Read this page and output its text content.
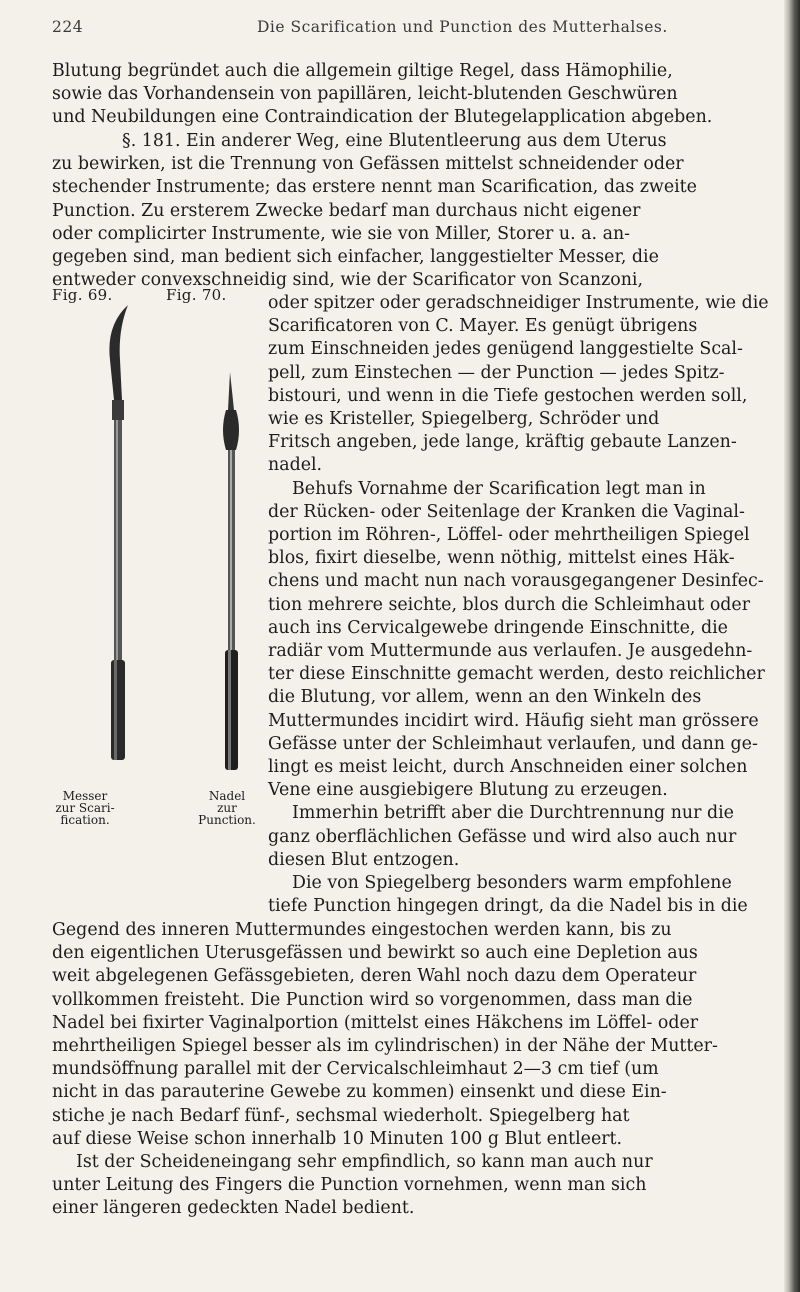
224	Die Scarification und Punction des Mutterhalses.
Blutung begründet auch die allgemein giltige Regel, dass Hämophilie,
sowie das Vorhandensein von papillären, leicht-blutenden Geschwüren
und Neubildungen eine Contraindication der Blutegelapplication abgeben.
§. 181. Ein anderer Weg, eine Blutentleerung aus dem Uterus
zu bewirken, ist die Trennung von Gefässen mittelst schneidender oder
stechender Instrumente; das erstere nennt man Scarification, das zweite
Punction. Zu ersterem Zwecke bedarf man durchaus nicht eigener
oder complicirter Instrumente, wie sie von Miller, Storer u. a. an-
gegeben sind, man bedient sich einfacher, langgestielter Messer, die
entweder convexschneidig sind, wie der Scarificator von Scanzoni,
Fig. 69.	Fig. 70.
Messer
zur Scari-
fication.
Nadel
zur
Punction.
oder spitzer oder geradschneidiger Instrumente, wie die
Scarificatoren von C. Mayer. Es genügt übrigens
zum Einschneiden jedes genügend langgestielte Scal-
pell, zum Einstechen — der Punction — jedes Spitz-
bistouri, und wenn in die Tiefe gestochen werden soll,
wie es Kristeller, Spiegelberg, Schröder und
Fritsch angeben, jede lange, kräftig gebaute Lanzen-
nadel.
Behufs Vornahme der Scarification legt man in
der Rücken- oder Seitenlage der Kranken die Vaginal-
portion im Röhren-, Löffel- oder mehrtheiligen Spiegel
blos, fixirt dieselbe, wenn nöthig, mittelst eines Häk-
chens und macht nun nach vorausgegangener Desinfec-
tion mehrere seichte, blos durch die Schleimhaut oder
auch ins Cervicalgewebe dringende Einschnitte, die
radiär vom Muttermunde aus verlaufen. Je ausgedehn-
ter diese Einschnitte gemacht werden, desto reichlicher
die Blutung, vor allem, wenn an den Winkeln des
Muttermundes incidirt wird. Häufig sieht man grössere
Gefässe unter der Schleimhaut verlaufen, und dann ge-
lingt es meist leicht, durch Anschneiden einer solchen
Vene eine ausgiebigere Blutung zu erzeugen.
Immerhin betrifft aber die Durchtrennung nur die
ganz oberflächlichen Gefässe und wird also auch nur
diesen Blut entzogen.
Die von Spiegelberg besonders warm empfohlene
tiefe Punction hingegen dringt, da die Nadel bis in die
Gegend des inneren Muttermundes eingestochen werden kann, bis zu
den eigentlichen Uterusgefässen und bewirkt so auch eine Depletion aus
weit abgelegenen Gefässgebieten, deren Wahl noch dazu dem Operateur
vollkommen freisteht. Die Punction wird so vorgenommen, dass man die
Nadel bei fixirter Vaginalportion (mittelst eines Häkchens im Löffel- oder
mehrtheiligen Spiegel besser als im cylindrischen) in der Nähe der Mutter-
mundsöffnung parallel mit der Cervicalschleimhaut 2—3 cm tief (um
nicht in das parauterine Gewebe zu kommen) einsenkt und diese Ein-
stiche je nach Bedarf fünf-, sechsmal wiederholt. Spiegelberg hat
auf diese Weise schon innerhalb 10 Minuten 100 g Blut entleert.
Ist der Scheideneingang sehr empfindlich, so kann man auch nur
unter Leitung des Fingers die Punction vornehmen, wenn man sich
einer längeren gedeckten Nadel bedient.
